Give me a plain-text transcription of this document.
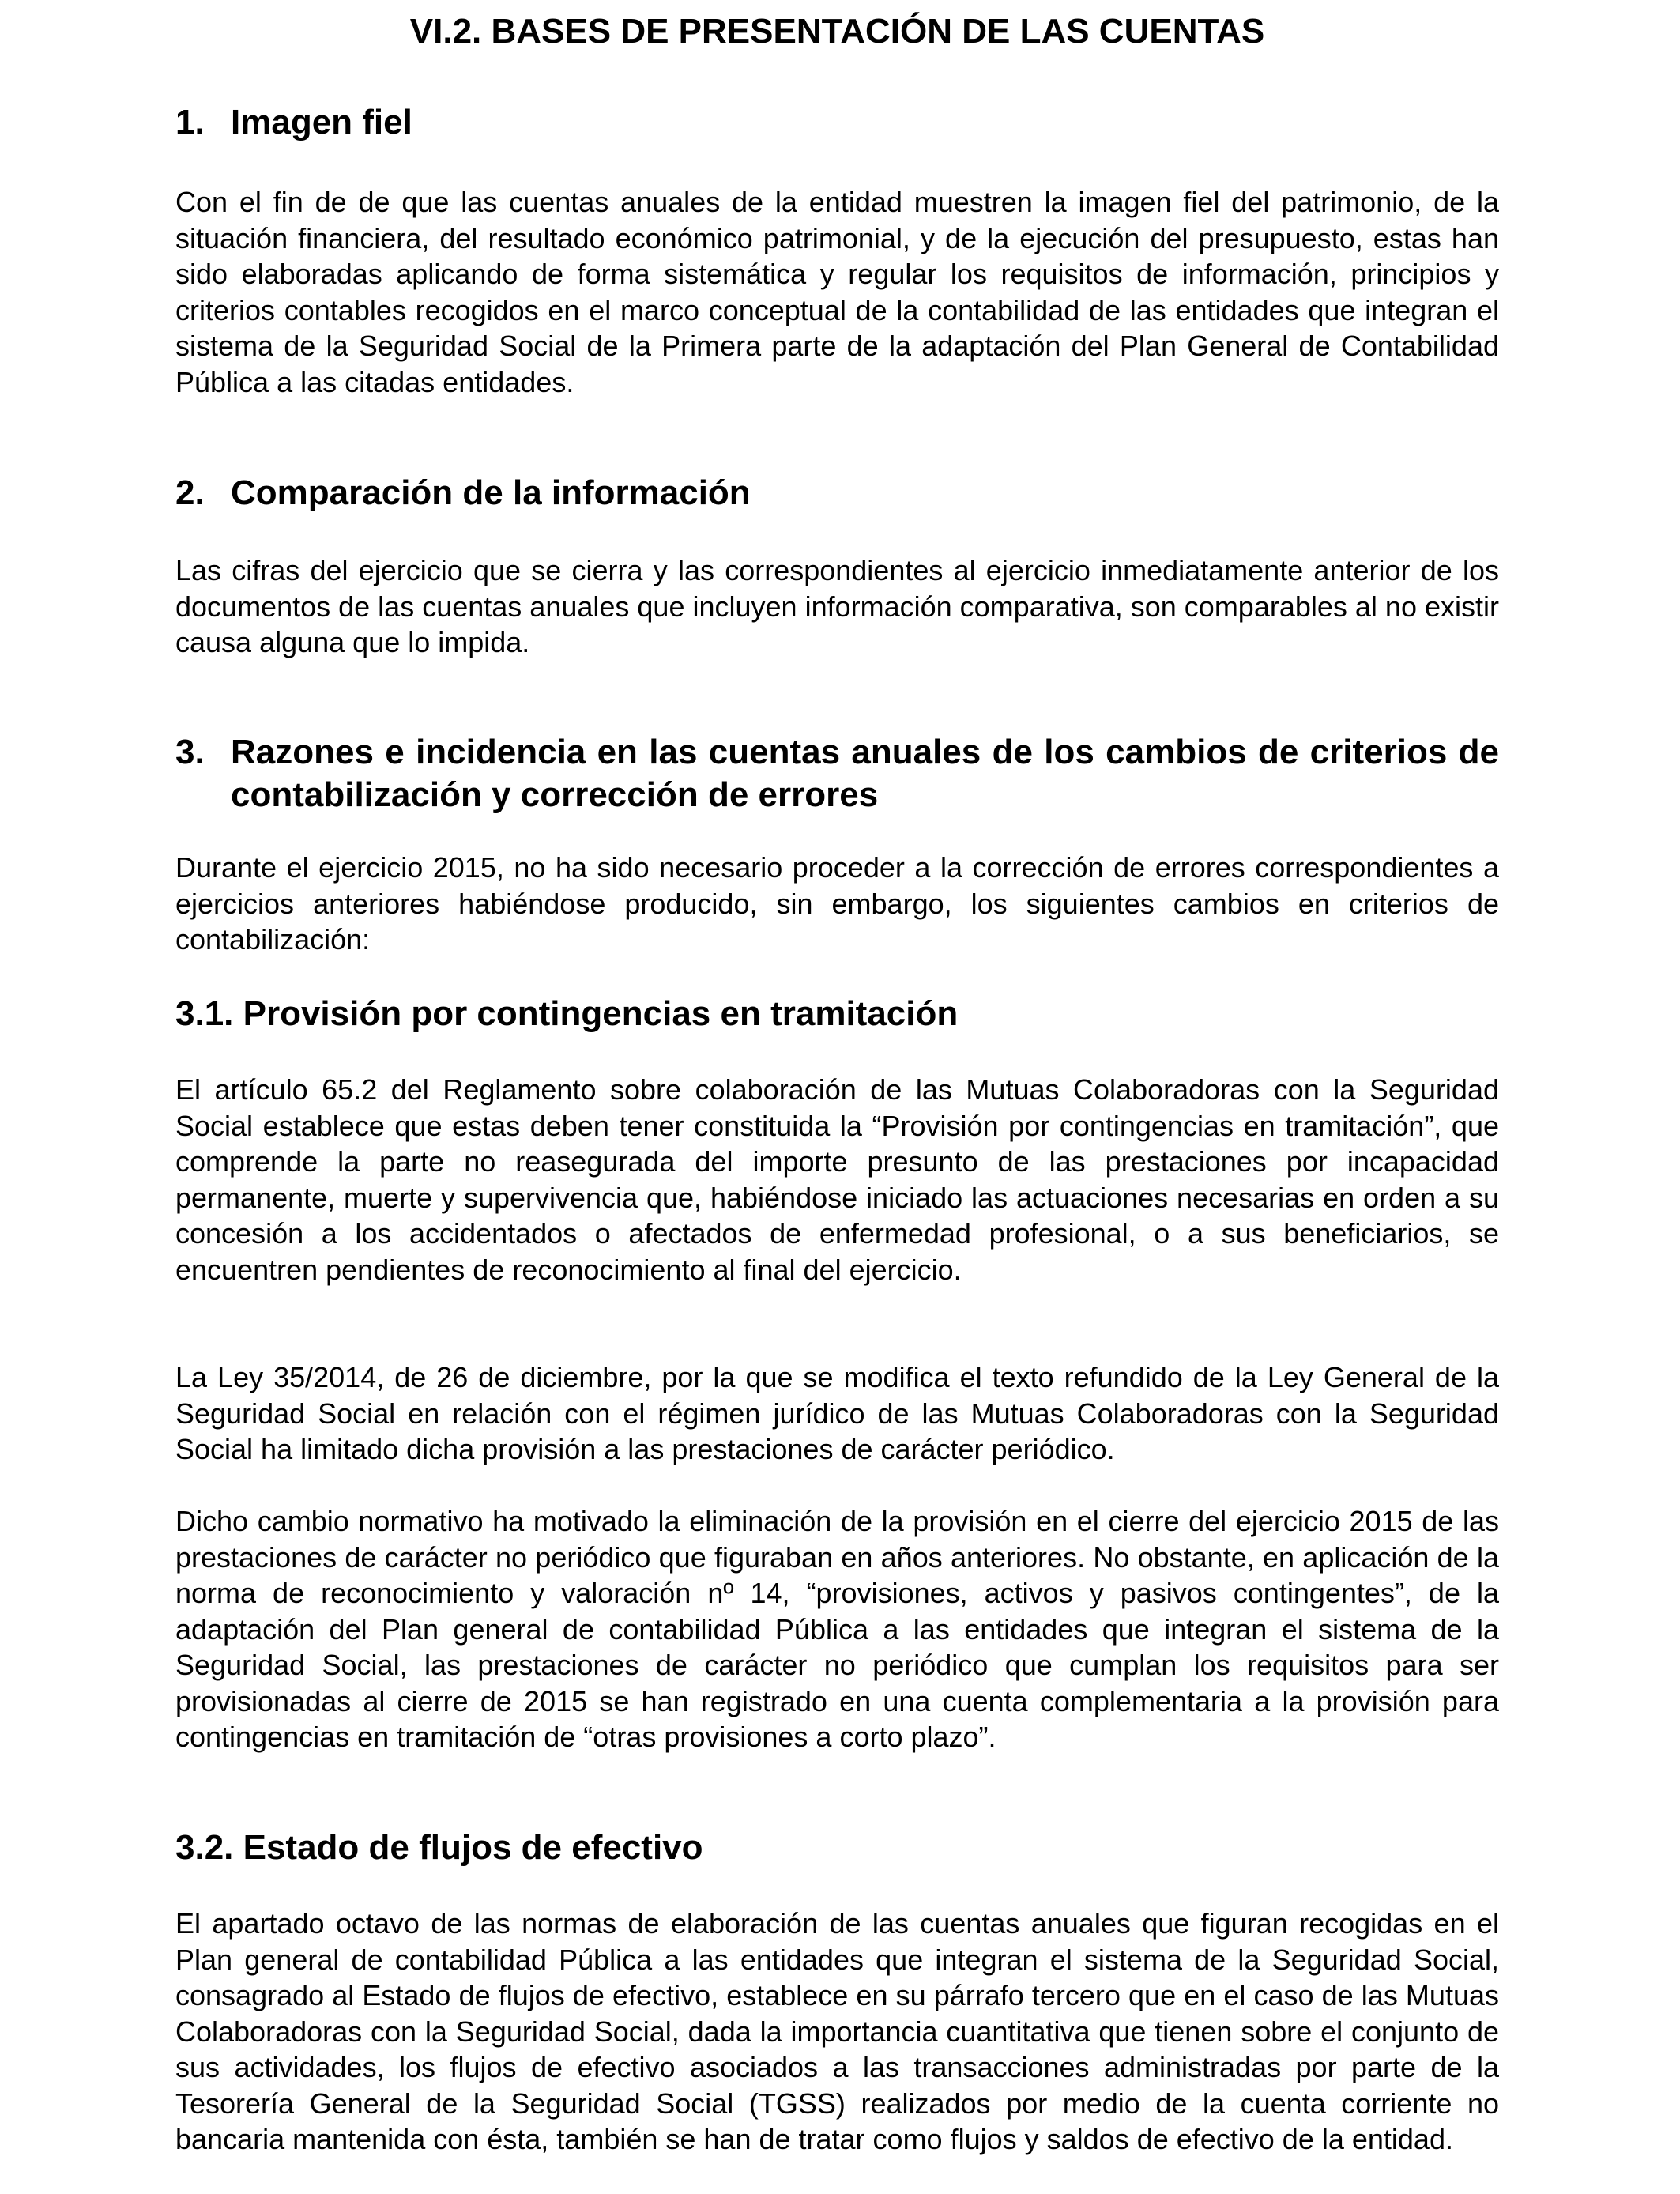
VI.2. BASES DE PRESENTACIÓN DE LAS CUENTAS
1. Imagen fiel

Con el fin de de que las cuentas anuales de la entidad muestren la imagen fiel del patrimonio, de la situación financiera, del resultado económico patrimonial, y de la ejecución del presupuesto, estas han sido elaboradas aplicando de forma sistemática y regular los requisitos de información, principios y criterios contables recogidos en el marco conceptual de la contabilidad de las entidades que integran el sistema de la Seguridad Social de la Primera parte de la adaptación del Plan General de Contabilidad Pública a las citadas entidades.

2. Comparación de la información

Las cifras del ejercicio que se cierra y las correspondientes al ejercicio inmediatamente anterior de los documentos de las cuentas anuales que incluyen información comparativa, son comparables al no existir causa alguna que lo impida.

3. Razones e incidencia en las cuentas anuales de los cambios de criterios de contabilización y corrección de errores

Durante el ejercicio 2015, no ha sido necesario proceder a la corrección de errores correspondientes a ejercicios anteriores habiéndose producido, sin embargo, los siguientes cambios en criterios de contabilización:

3.1. Provisión por contingencias en tramitación

El artículo 65.2 del Reglamento sobre colaboración de las Mutuas Colaboradoras con la Seguridad Social establece que estas deben tener constituida la “Provisión por contingencias en tramitación”, que comprende la parte no reasegurada del importe presunto de las prestaciones por incapacidad permanente, muerte y supervivencia que, habiéndose iniciado las actuaciones necesarias en orden a su concesión a los accidentados o afectados de enfermedad profesional, o a sus beneficiarios, se encuentren pendientes de reconocimiento al final del ejercicio.

La Ley 35/2014, de 26 de diciembre, por la que se modifica el texto refundido de la Ley General de la Seguridad Social en relación con el régimen jurídico de las Mutuas Colaboradoras con la Seguridad Social ha limitado dicha provisión a las prestaciones de carácter periódico.

Dicho cambio normativo ha motivado la eliminación de la provisión en el cierre del ejercicio 2015 de las prestaciones de carácter no periódico que figuraban en años anteriores. No obstante, en aplicación de la norma de reconocimiento y valoración nº 14, “provisiones, activos y pasivos contingentes”, de la adaptación del Plan general de contabilidad Pública a las entidades que integran el sistema de la Seguridad Social, las prestaciones de carácter no periódico que cumplan los requisitos para ser provisionadas al cierre de 2015 se han registrado en una cuenta complementaria a la provisión para contingencias en tramitación de “otras provisiones a corto plazo”.

3.2. Estado de flujos de efectivo

El apartado octavo de las normas de elaboración de las cuentas anuales que figuran recogidas en el Plan general de contabilidad Pública a las entidades que integran el sistema de la Seguridad Social, consagrado al Estado de flujos de efectivo, establece en su párrafo tercero que en el caso de las Mutuas Colaboradoras con la Seguridad Social, dada la importancia cuantitativa que tienen sobre el conjunto de sus actividades, los flujos de efectivo asociados a las transacciones administradas por parte de la Tesorería General de la Seguridad Social (TGSS) realizados por medio de la cuenta corriente no bancaria mantenida con ésta, también se han de tratar como flujos y saldos de efectivo de la entidad.
